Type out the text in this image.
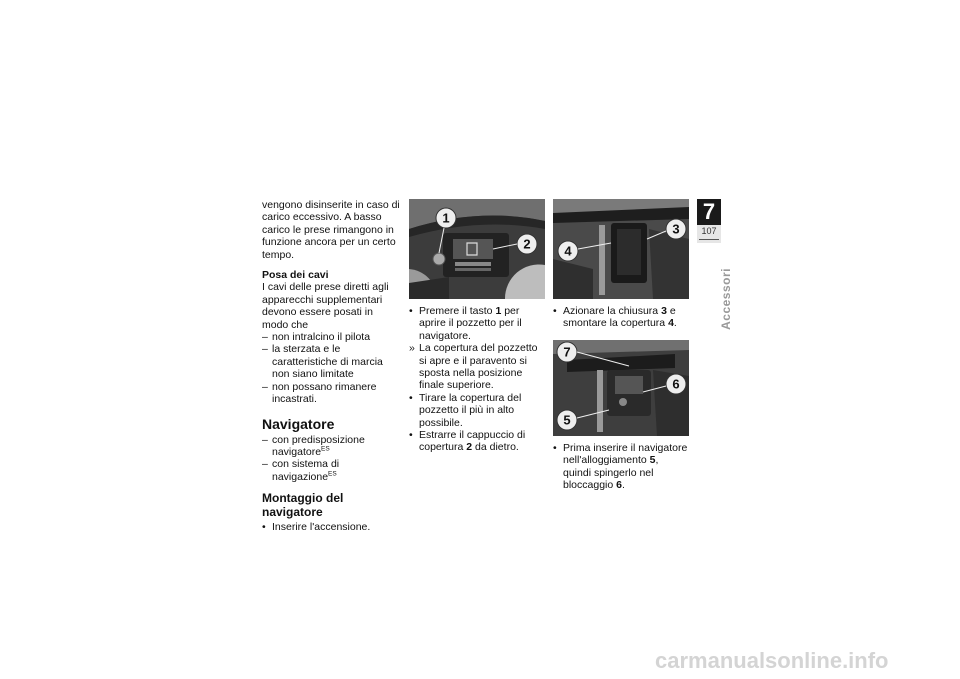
vengono disinserite in caso di carico eccessivo. A basso carico le prese rimangono in funzione ancora per un certo tempo.

Posa dei cavi

I cavi delle prese diretti agli apparecchi supplementari devono essere posati in modo che

– non intralcino il pilota
– la sterzata e le caratteristiche di marcia non siano limitate
– non possano rimanere incastrati.
Navigatore
– con predisposizione navigatore$^{ES}$
– con sistema di navigazione$^{ES}$
Montaggio del navigatore
• Inserire l'accensione.
1
2
• Premere il tasto 1 per aprire il pozzetto per il navigatore.
» La copertura del pozzetto si apre e il paravento si sposta nella posizione finale superiore.
• Tirare la copertura del pozzetto il più in alto possibile.
• Estrarre il cappuccio di copertura 2 da dietro.
3
4
• Azionare la chiusura 3 e smontare la copertura 4.
7
6
5
• Prima inserire il navigatore nell'alloggiamento 5, quindi spingerlo nel bloccaggio 6.
7
107
Accessori
carmanualsonline.info
